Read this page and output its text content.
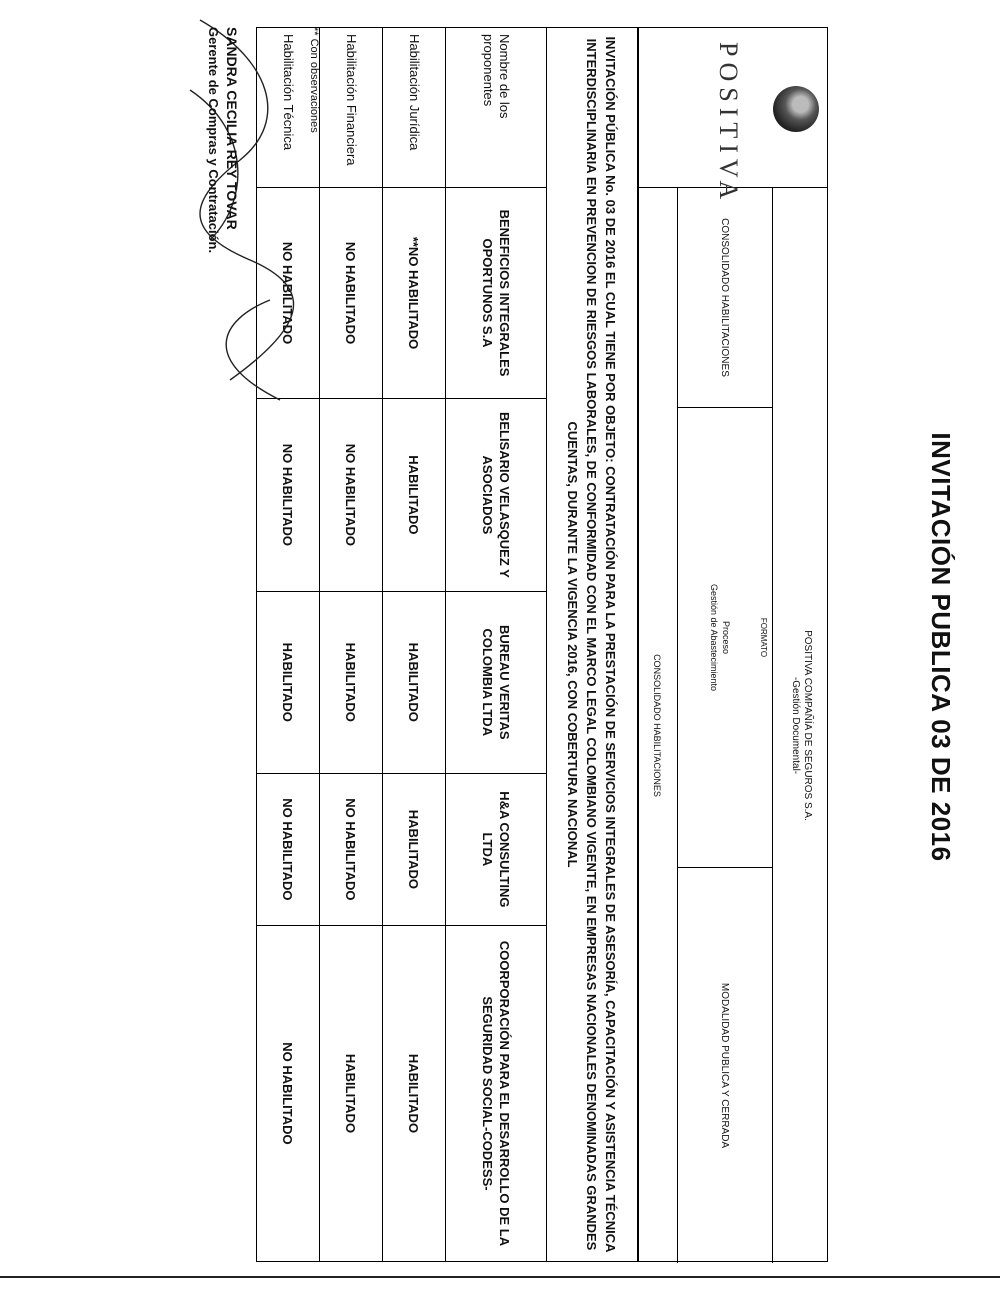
INVITACIÓN PUBLICA 03 DE 2016
POSITIVA
POSITIVA COMPAÑÍA DE SEGUROS S.A.
-Gestión Documental-
CONSOLIDADO HABILITACIONES
FORMATO
Proceso
Gestión de Abastecimiento
MODALIDAD PUBLICA Y CERRADA
CONSOLIDADO HABILITACIONES
INVITACIÓN PÚBLICA No. 03 DE 2016 EL CUAL TIENE POR OBJETO: CONTRATACIÓN PARA LA PRESTACIÓN DE SERVICIOS INTEGRALES DE ASESORÍA, CAPACITACIÓN Y ASISTENCIA TÉCNICA INTERDISCIPLINARIA EN PREVENCION DE RIESGOS LABORALES, DE CONFORMIDAD CON EL MARCO LEGAL COLOMBIANO VIGENTE, EN EMPRESAS NACIONALES DENOMINADAS GRANDES CUENTAS, DURANTE LA VIGENCIA 2016, CON COBERTURA NACIONAL					
Nombre de los proponentes	BENEFICIOS INTEGRALES OPORTUNOS S.A	BELISARIO VELASQUEZ Y ASOCIADOS	BUREAU VERITAS COLOMBIA LTDA	H&A CONSULTING LTDA	COORPORACIÓN PARA EL DESARROLLO DE LA SEGURIDAD SOCIAL-CODESS-
Habilitación Jurídica	**NO HABILITADO	HABILITADO	HABILITADO	HABILITADO	HABILITADO
Habilitación Financiera	NO HABILITADO	NO HABILITADO	HABILITADO	NO HABILITADO	HABILITADO
Habilitación Técnica	NO HABILITADO	NO HABILITADO	HABILITADO	NO HABILITADO	NO HABILITADO
** Con observaciones
SANDRA CECILIA REY TOVAR
Gerente de Compras y Contratación.
